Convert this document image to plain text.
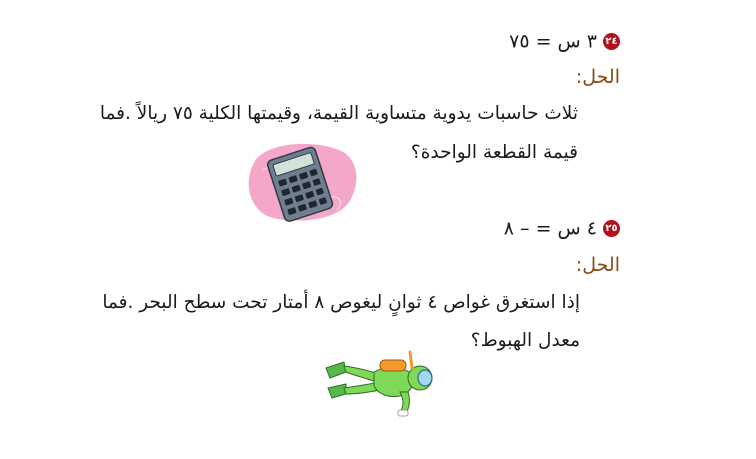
٢٤٣ س = ٧٥
الحل:
ثلاث حاسبات يدوية متساوية القيمة، وقيمتها الكلية ٧٥ ريالاً .فما
قيمة القطعة الواحدة؟
٢٥٤ س = – ٨
الحل:
إذا استغرق غواص ٤ ثوانٍ ليغوص ٨ أمتار تحت سطح البحر .فما
معدل الهبوط؟
